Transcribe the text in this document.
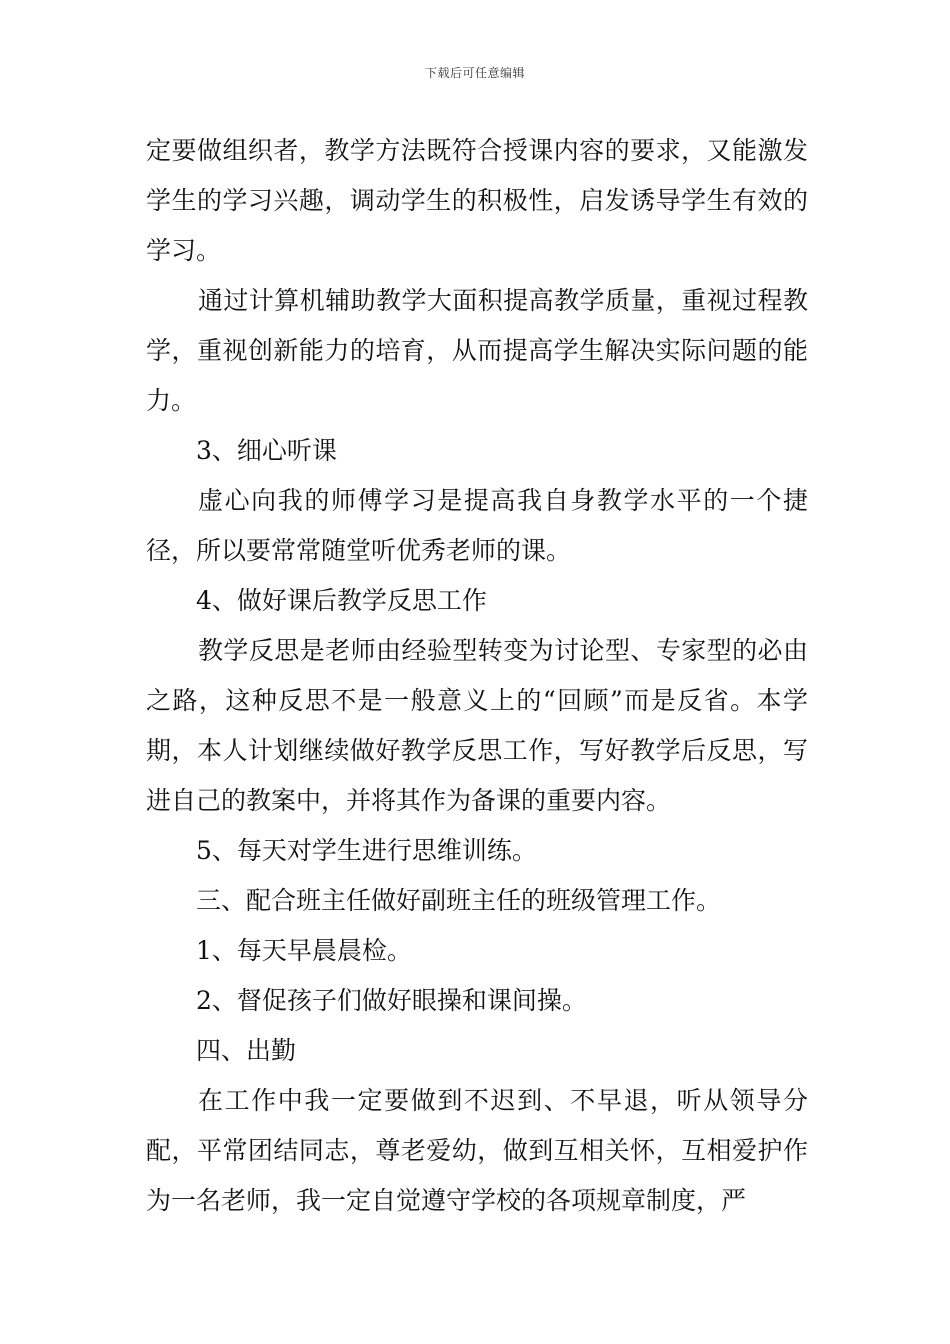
下载后可任意编辑

定要做组织者，教学方法既符合授课内容的要求，又能激发学生的学习兴趣，调动学生的积极性，启发诱导学生有效的学习。

通过计算机辅助教学大面积提高教学质量，重视过程教学，重视创新能力的培育，从而提高学生解决实际问题的能力。

3、细心听课

虚心向我的师傅学习是提高我自身教学水平的一个捷径，所以要常常随堂听优秀老师的课。

4、做好课后教学反思工作

教学反思是老师由经验型转变为讨论型、专家型的必由之路，这种反思不是一般意义上的“回顾”而是反省。本学期，本人计划继续做好教学反思工作，写好教学后反思，写进自己的教案中，并将其作为备课的重要内容。

5、每天对学生进行思维训练。

三、配合班主任做好副班主任的班级管理工作。

1、每天早晨晨检。

2、督促孩子们做好眼操和课间操。

四、出勤

在工作中我一定要做到不迟到、不早退，听从领导分配，平常团结同志，尊老爱幼，做到互相关怀，互相爱护作为一名老师，我一定自觉遵守学校的各项规章制度，严
